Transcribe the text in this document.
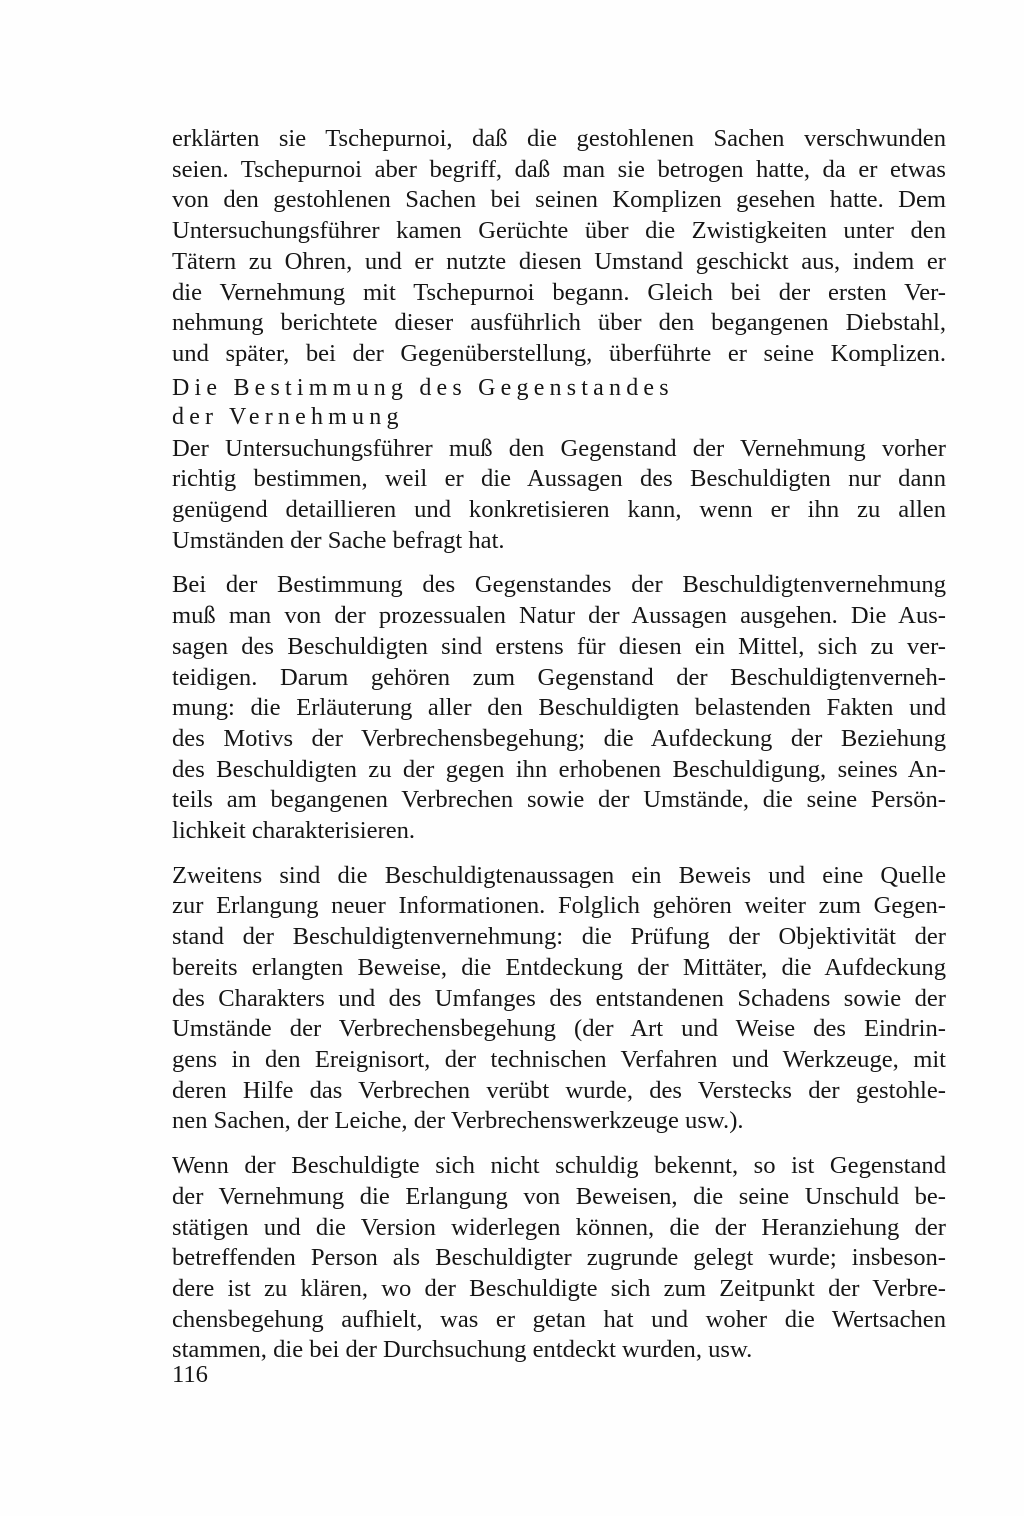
erklärten sie Tschepurnoi, daß die gestohlenen Sachen verschwunden
seien. Tschepurnoi aber begriff, daß man sie betrogen hatte, da er etwas
von den gestohlenen Sachen bei seinen Komplizen gesehen hatte. Dem
Untersuchungsführer kamen Gerüchte über die Zwistigkeiten unter den
Tätern zu Ohren, und er nutzte diesen Umstand geschickt aus, indem er
die Vernehmung mit Tschepurnoi begann. Gleich bei der ersten Ver-
nehmung berichtete dieser ausführlich über den begangenen Diebstahl,
und später, bei der Gegenüberstellung, überführte er seine Komplizen.
Die Bestimmung des Gegenstandes
der Vernehmung
Der Untersuchungsführer muß den Gegenstand der Vernehmung vorher
richtig bestimmen, weil er die Aussagen des Beschuldigten nur dann
genügend detaillieren und konkretisieren kann, wenn er ihn zu allen
Umständen der Sache befragt hat.
Bei der Bestimmung des Gegenstandes der Beschuldigtenvernehmung
muß man von der prozessualen Natur der Aussagen ausgehen. Die Aus-
sagen des Beschuldigten sind erstens für diesen ein Mittel, sich zu ver-
teidigen. Darum gehören zum Gegenstand der Beschuldigtenverneh-
mung: die Erläuterung aller den Beschuldigten belastenden Fakten und
des Motivs der Verbrechensbegehung; die Aufdeckung der Beziehung
des Beschuldigten zu der gegen ihn erhobenen Beschuldigung, seines An-
teils am begangenen Verbrechen sowie der Umstände, die seine Persön-
lichkeit charakterisieren.
Zweitens sind die Beschuldigtenaussagen ein Beweis und eine Quelle
zur Erlangung neuer Informationen. Folglich gehören weiter zum Gegen-
stand der Beschuldigtenvernehmung: die Prüfung der Objektivität der
bereits erlangten Beweise, die Entdeckung der Mittäter, die Aufdeckung
des Charakters und des Umfanges des entstandenen Schadens sowie der
Umstände der Verbrechensbegehung (der Art und Weise des Eindrin-
gens in den Ereignisort, der technischen Verfahren und Werkzeuge, mit
deren Hilfe das Verbrechen verübt wurde, des Verstecks der gestohle-
nen Sachen, der Leiche, der Verbrechenswerkzeuge usw.).
Wenn der Beschuldigte sich nicht schuldig bekennt, so ist Gegenstand
der Vernehmung die Erlangung von Beweisen, die seine Unschuld be-
stätigen und die Version widerlegen können, die der Heranziehung der
betreffenden Person als Beschuldigter zugrunde gelegt wurde; insbeson-
dere ist zu klären, wo der Beschuldigte sich zum Zeitpunkt der Verbre-
chensbegehung aufhielt, was er getan hat und woher die Wertsachen
stammen, die bei der Durchsuchung entdeckt wurden, usw.
116
